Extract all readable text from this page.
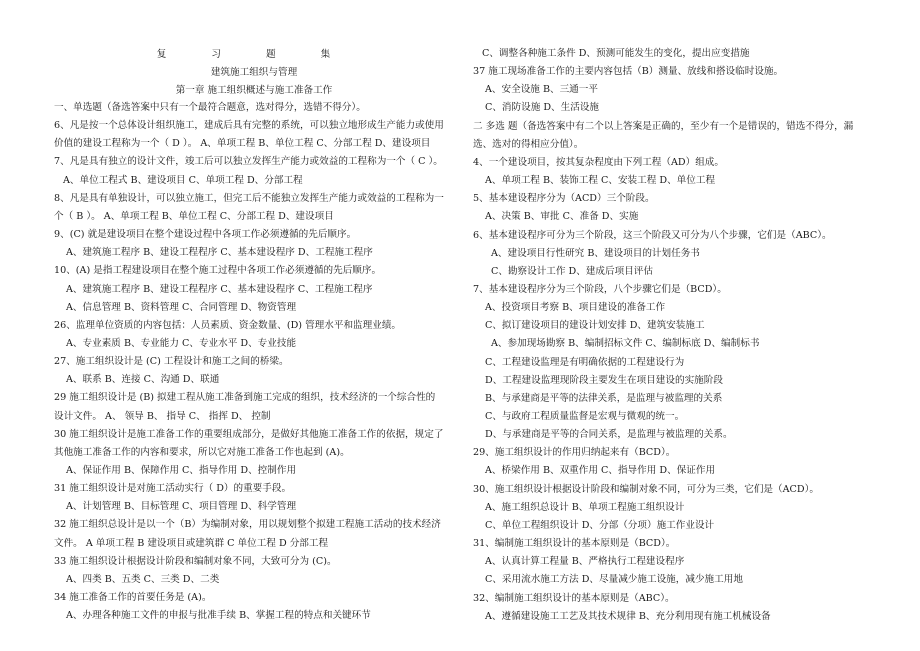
复 习 题 集
建筑施工组织与管理
第一章 施工组织概述与施工准备工作
一、单选题（备选答案中只有一个最符合题意，选对得分，选错不得分）。
6、凡是按一个总体设计组织施工，建成后具有完整的系统，可以独立地形成生产能力或使用
价值的建设工程称为一个（ D ）。 A、单项工程 B、单位工程 C、分部工程 D、建设项目
7、凡是具有独立的设计文件，竣工后可以独立发挥生产能力或效益的工程称为一个（ C ）。
A、单位工程式 B、建设项目 C、单项工程 D、分部工程
8、凡是具有单独设计，可以独立施工，但完工后不能独立发挥生产能力或效益的工程称为一
个（ B ）。 A、单项工程 B、单位工程 C、分部工程 D、建设项目
9、(C) 就是建设项目在整个建设过程中各项工作必须遵循的先后顺序。
A、建筑施工程序 B、建设工程程序 C、基本建设程序 D、工程施工程序
10、(A) 是指工程建设项目在整个施工过程中各项工作必须遵循的先后顺序。
A、建筑施工程序 B、建设工程程序 C、基本建设程序 C、工程施工程序
A、信息管理 B、资料管理 C、合同管理 D、物资管理
26、监理单位资质的内容包括：人员素质、资金数量、(D) 管理水平和监理业绩。
A、专业素质 B、专业能力 C、专业水平 D、专业技能
27、施工组织设计是 (C) 工程设计和施工之间的桥梁。
A、联系 B、连接 C、沟通 D、联通
29 施工组织设计是 (B) 拟建工程从施工准备到施工完成的组织，技术经济的一个综合性的
设计文件。 A、 领导 B、 指导 C、 指挥 D、 控制
30 施工组织设计是施工准备工作的重要组成部分，是做好其他施工准备工作的依据，规定了
其他施工准备工作的内容和要求，所以它对施工准备工作也起到 (A)。
A、保证作用 B、保障作用 C、指导作用 D、控制作用
31 施工组织设计是对施工活动实行（ D）的重要手段。
A、计划管理 B、目标管理 C、项目管理 D、科学管理
32 施工组织总设计是以一个（B）为编制对象，用以规划整个拟建工程施工活动的技术经济
文件。 A 单项工程 B 建设项目或建筑群 C 单位工程 D 分部工程
33 施工组织设计根据设计阶段和编制对象不同，大致可分为 (C)。
A、四类 B、五类 C、三类 D、二类
34 施工准备工作的首要任务是 (A)。
A、办理各种施工文件的申报与批准手续 B、掌握工程的特点和关键环节
C、调整各种施工条件 D、预测可能发生的变化，提出应变措施
37 施工现场准备工作的主要内容包括（B）测量、放线和搭设临时设施。
A、安全设施 B、三通一平
C、消防设施 D、生活设施
二 多选 题（备选答案中有二个以上答案是正确的，至少有一个是错误的，错选不得分，漏
选、选对的得相应分值）。
4、一个建设项目，按其复杂程度由下列工程（AD）组成。
A、单项工程 B、装饰工程 C、安装工程 D、单位工程
5、基本建设程序分为（ACD）三个阶段。
A、决策 B、审批 C、准备 D、实施
6、基本建设程序可分为三个阶段，这三个阶段又可分为八个步骤，它们是（ABC）。
A、建设项目行性研究 B、建设项目的计划任务书
C、勘察设计工作 D、建成后项目评估
7、基本建设程序分为三个阶段，八个步骤它们是（BCD）。
A、投资项目考察 B、项目建设的准备工作
C、拟订建设项目的建设计划安排 D、建筑安装施工
A、参加现场勘察 B、编制招标文件 C、编制标底 D、编制标书
C、工程建设监理是有明确依据的工程建设行为
D、工程建设监理现阶段主要发生在项目建设的实施阶段
B、与承建商是平等的法律关系，是监理与被监理的关系
C、与政府工程质量监督是宏观与微观的统一。
D、与承建商是平等的合同关系，是监理与被监理的关系。
29、施工组织设计的作用归纳起来有（BCD）。
A、桥梁作用 B、双重作用 C、指导作用 D、保证作用
30、施工组织设计根据设计阶段和编制对象不同，可分为三类，它们是（ACD）。
A、施工组织总设计 B、单项工程施工组织设计
C、单位工程组织设计 D、分部（分项）施工作业设计
31、编制施工组织设计的基本原则是（BCD）。
A、认真计算工程量 B、严格执行工程建设程序
C、采用流水施工方法 D、尽量减少施工设施，减少施工用地
32、编制施工组织设计的基本原则是（ABC）。
A、遵循建设施工工艺及其技术规律 B、充分利用现有施工机械设备
